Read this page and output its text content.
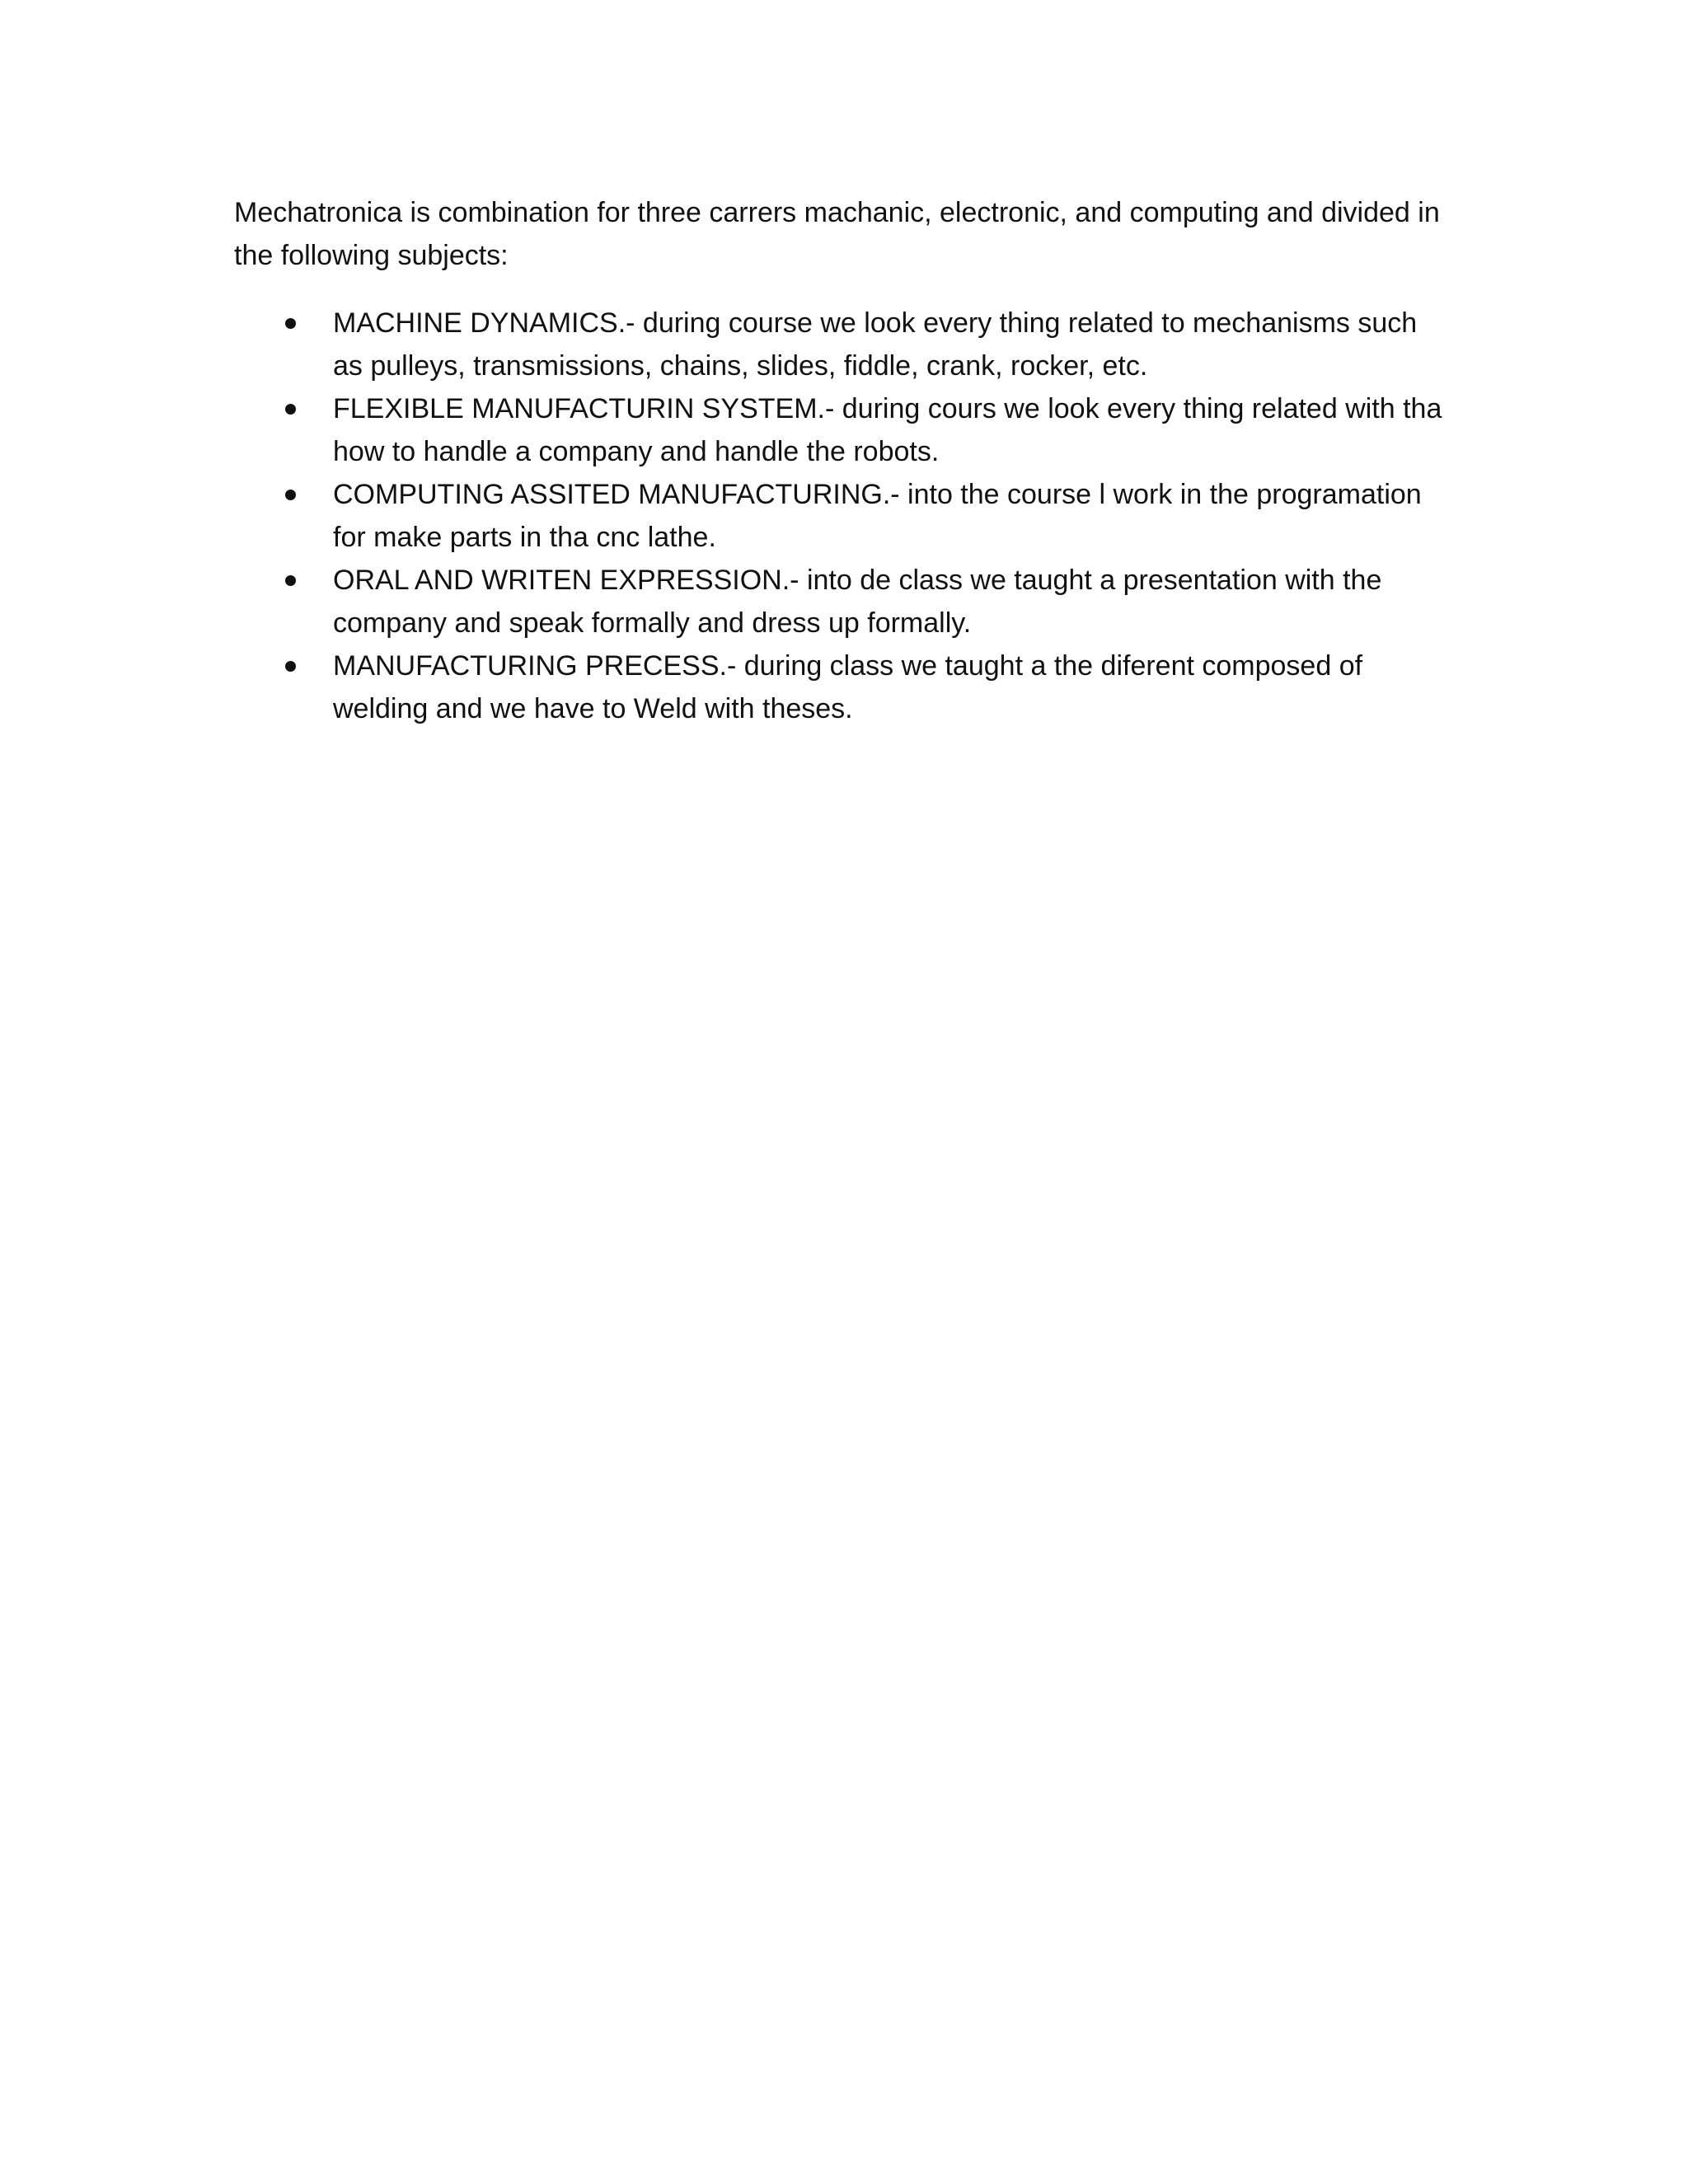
Mechatronica is combination for three carrers machanic, electronic, and computing and divided in the following subjects:

MACHINE DYNAMICS.- during course we look every thing related to mechanisms such as pulleys, transmissions, chains, slides, fiddle, crank, rocker, etc.
FLEXIBLE MANUFACTURIN SYSTEM.- during cours we look every thing related with tha how to handle a company and handle the robots.
COMPUTING ASSITED MANUFACTURING.- into the course l work in the programation for make parts in tha cnc lathe.
ORAL AND WRITEN EXPRESSION.- into de class we taught a presentation with the company and speak formally and dress up formally.
MANUFACTURING PRECESS.- during class we taught a the diferent composed of welding and we have to Weld with theses.
